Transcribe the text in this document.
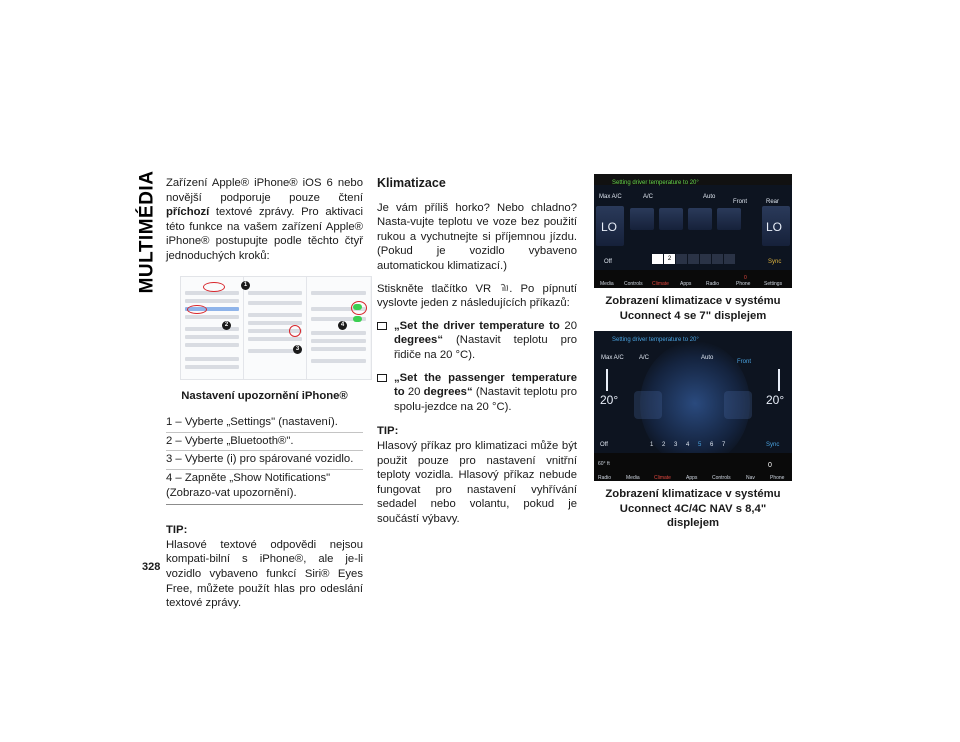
MULTIMÉDIA
328

Zařízení Apple® iPhone® iOS 6 nebo novější podporuje pouze čtení příchozí textové zprávy. Pro aktivaci této funkce na vašem zařízení Apple® iPhone® postupujte podle těchto čtyř jednoduchých kroků:

1
2
3
4
Nastavení upozornění iPhone®
1 – Vyberte „Settings" (nastavení).
2 – Vyberte „Bluetooth®".
3 – Vyberte (i) pro spárované vozidlo.
4 – Zapněte „Show Notifications" (Zobrazo-vat upozornění).
TIP:

Hlasové textové odpovědi nejsou kompati-bilní s iPhone®, ale je-li vozidlo vybaveno funkcí Siri® Eyes Free, můžete použít hlas pro odeslání textové zprávy.

Klimatizace

Je vám příliš horko? Nebo chladno? Nasta-vujte teplotu ve voze bez použití rukou a vychutnejte si příjemnou jízdu. (Pokud je vozidlo vybaveno automatickou klimatizací.)

Stiskněte tlačítko VR . Po pípnutí vyslovte jeden z následujících příkazů:

„Set the driver temperature to 20 degrees“ (Nastavit teplotu pro řidiče na 20 °C).
„Set the passenger temperature to 20 degrees“ (Nastavit teplotu pro spolu-jezdce na 20 °C).
TIP:

Hlasový příkaz pro klimatizaci může být použit pouze pro nastavení vnitřní teploty vozidla. Hlasový příkaz nebude fungovat pro nastavení vyhřívání sedadel nebo volantu, pokud je součástí výbavy.

Setting driver temperature to 20°
Max A/C	A/C	Auto
Front	Rear
LO	LO
Off	Sync
2
Media Controls Climate Apps	Radio	Phone	Settings
0
Zobrazení klimatizace v systému Uconnect 4 se 7" displejem
Setting driver temperature to 20°
Max A/C	A/C	Auto
Front
20°	20°
Off	Sync
1 2 3 4 5 6 7
60° ft
Radio	Media	Climate	Apps	Controls	Nav	Phone
0
Zobrazení klimatizace v systému Uconnect 4C/4C NAV s 8,4" displejem
